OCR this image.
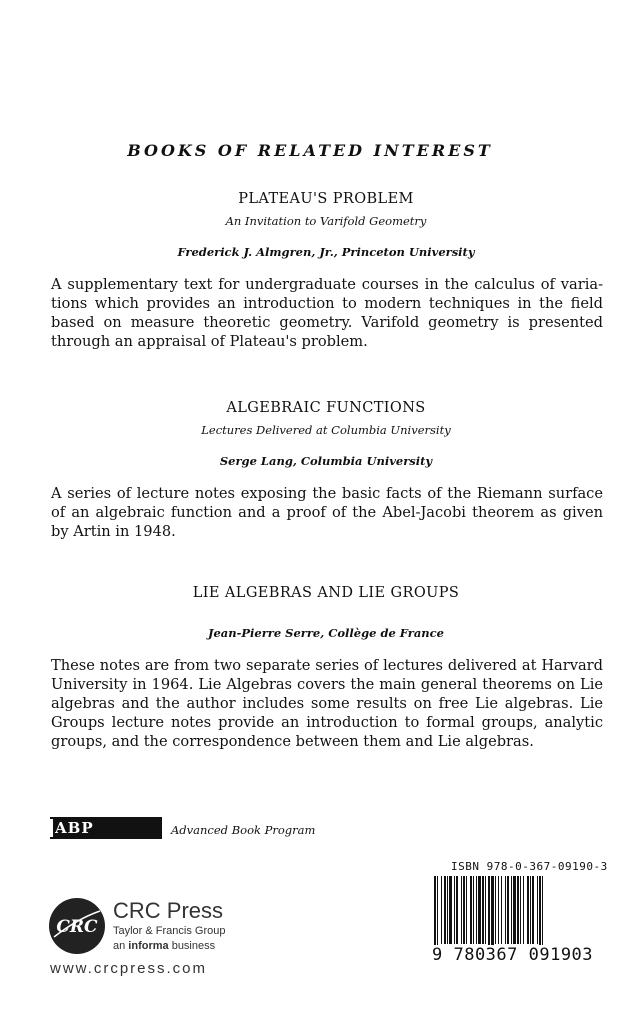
BOOKS OF RELATED INTEREST
PLATEAU'S PROBLEM
An Invitation to Varifold Geometry
Frederick J. Almgren, Jr., Princeton University
A supplementary text for undergraduate courses in the calculus of varia-
tions which provides an introduction to modern techniques in the field
based on measure theoretic geometry. Varifold geometry is presented
through an appraisal of Plateau's problem.
ALGEBRAIC FUNCTIONS
Lectures Delivered at Columbia University
Serge Lang, Columbia University
A series of lecture notes exposing the basic facts of the Riemann surface
of an algebraic function and a proof of the Abel-Jacobi theorem as given
by Artin in 1948.
LIE ALGEBRAS AND LIE GROUPS
Jean-Pierre Serre, Collège de France
These notes are from two separate series of lectures delivered at Harvard
University in 1964. Lie Algebras covers the main general theorems on Lie
algebras and the author includes some results on free Lie algebras. Lie
Groups lecture notes provide an introduction to formal groups, analytic
groups, and the correspondence between them and Lie algebras.
ABP	Advanced Book Program
CRC
CRC Press
Taylor & Francis Group
an informa business
www.crcpress.com
ISBN 978-0-367-09190-3
9 780367 091903
